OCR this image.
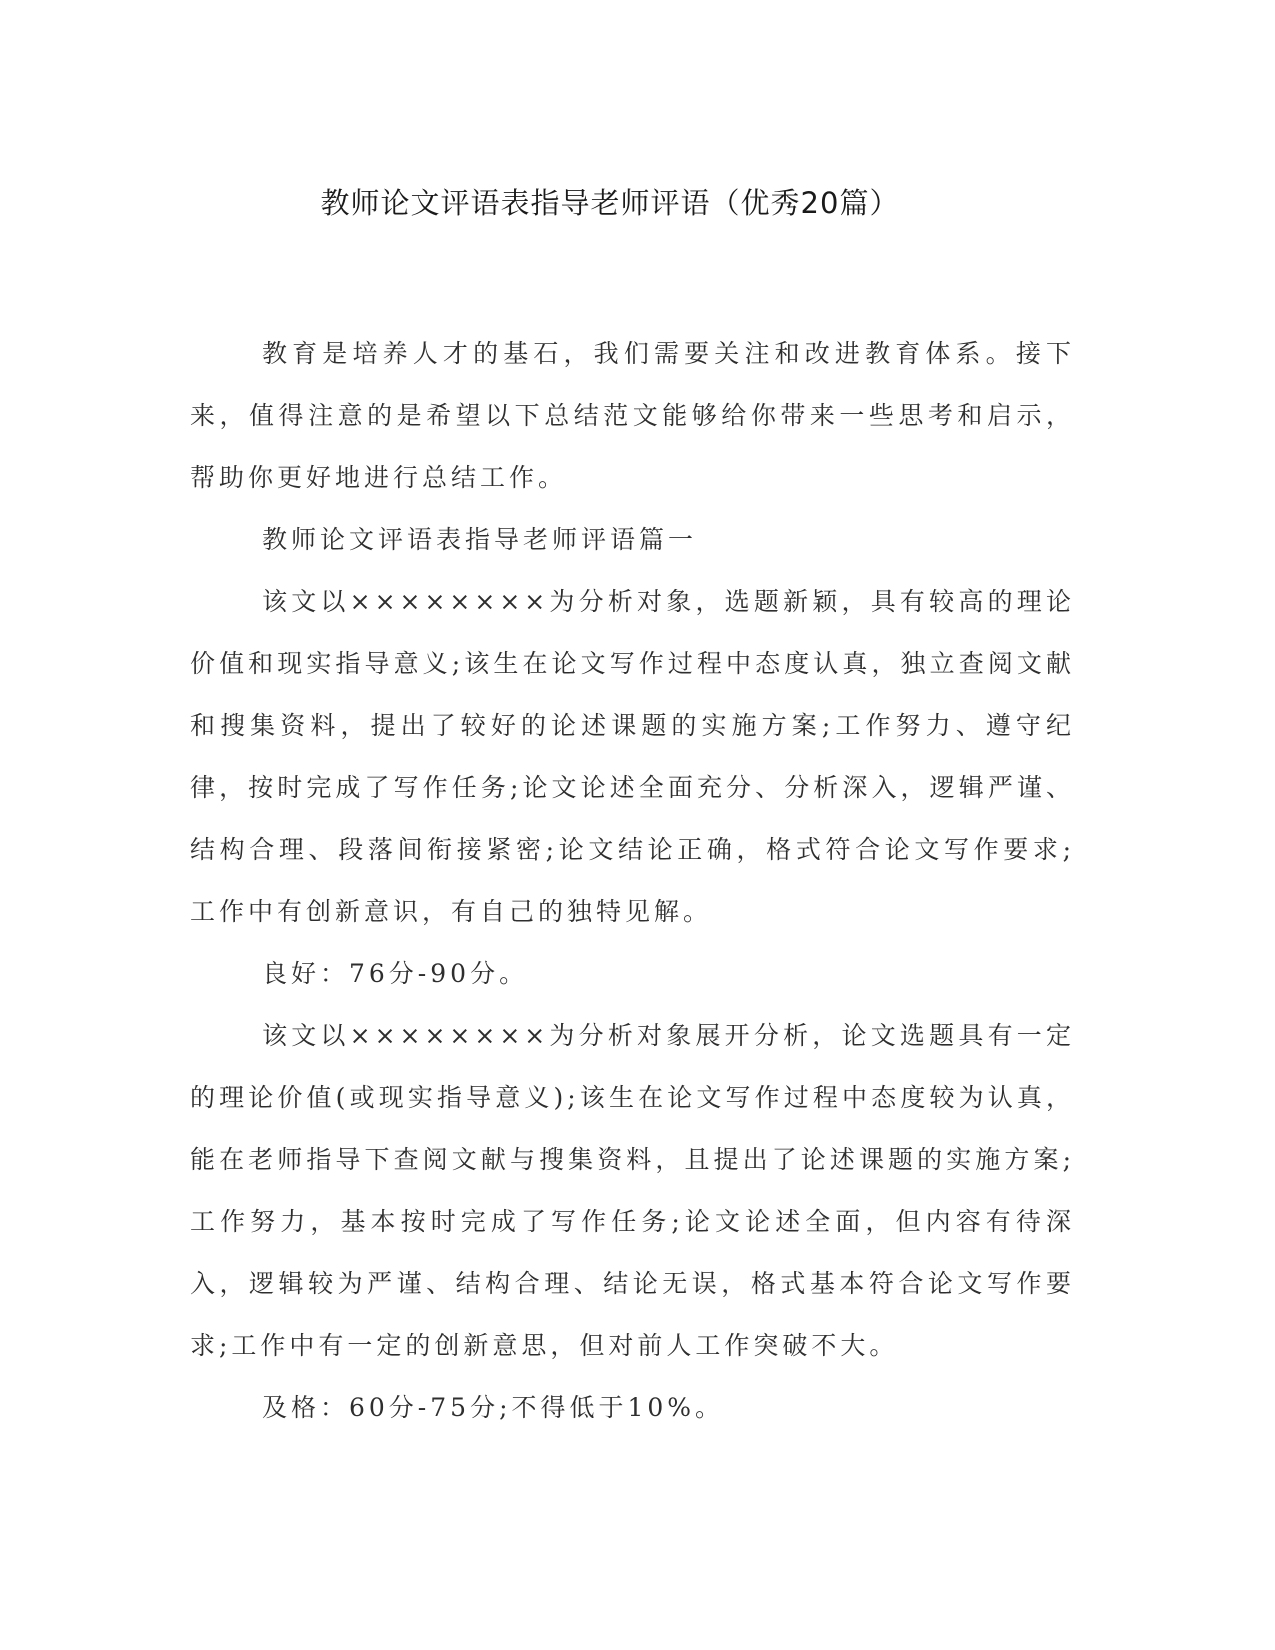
教师论文评语表指导老师评语（优秀20篇）

教育是培养人才的基石，我们需要关注和改进教育体系。接下来，值得注意的是希望以下总结范文能够给你带来一些思考和启示，帮助你更好地进行总结工作。

教师论文评语表指导老师评语篇一

该文以××××××××为分析对象，选题新颖，具有较高的理论价值和现实指导意义;该生在论文写作过程中态度认真，独立查阅文献和搜集资料，提出了较好的论述课题的实施方案;工作努力、遵守纪律，按时完成了写作任务;论文论述全面充分、分析深入，逻辑严谨、结构合理、段落间衔接紧密;论文结论正确，格式符合论文写作要求;工作中有创新意识，有自己的独特见解。

良好：76分-90分。

该文以××××××××为分析对象展开分析，论文选题具有一定的理论价值(或现实指导意义);该生在论文写作过程中态度较为认真，能在老师指导下查阅文献与搜集资料，且提出了论述课题的实施方案;工作努力，基本按时完成了写作任务;论文论述全面，但内容有待深入，逻辑较为严谨、结构合理、结论无误，格式基本符合论文写作要求;工作中有一定的创新意思，但对前人工作突破不大。

及格：60分-75分;不得低于10%。
